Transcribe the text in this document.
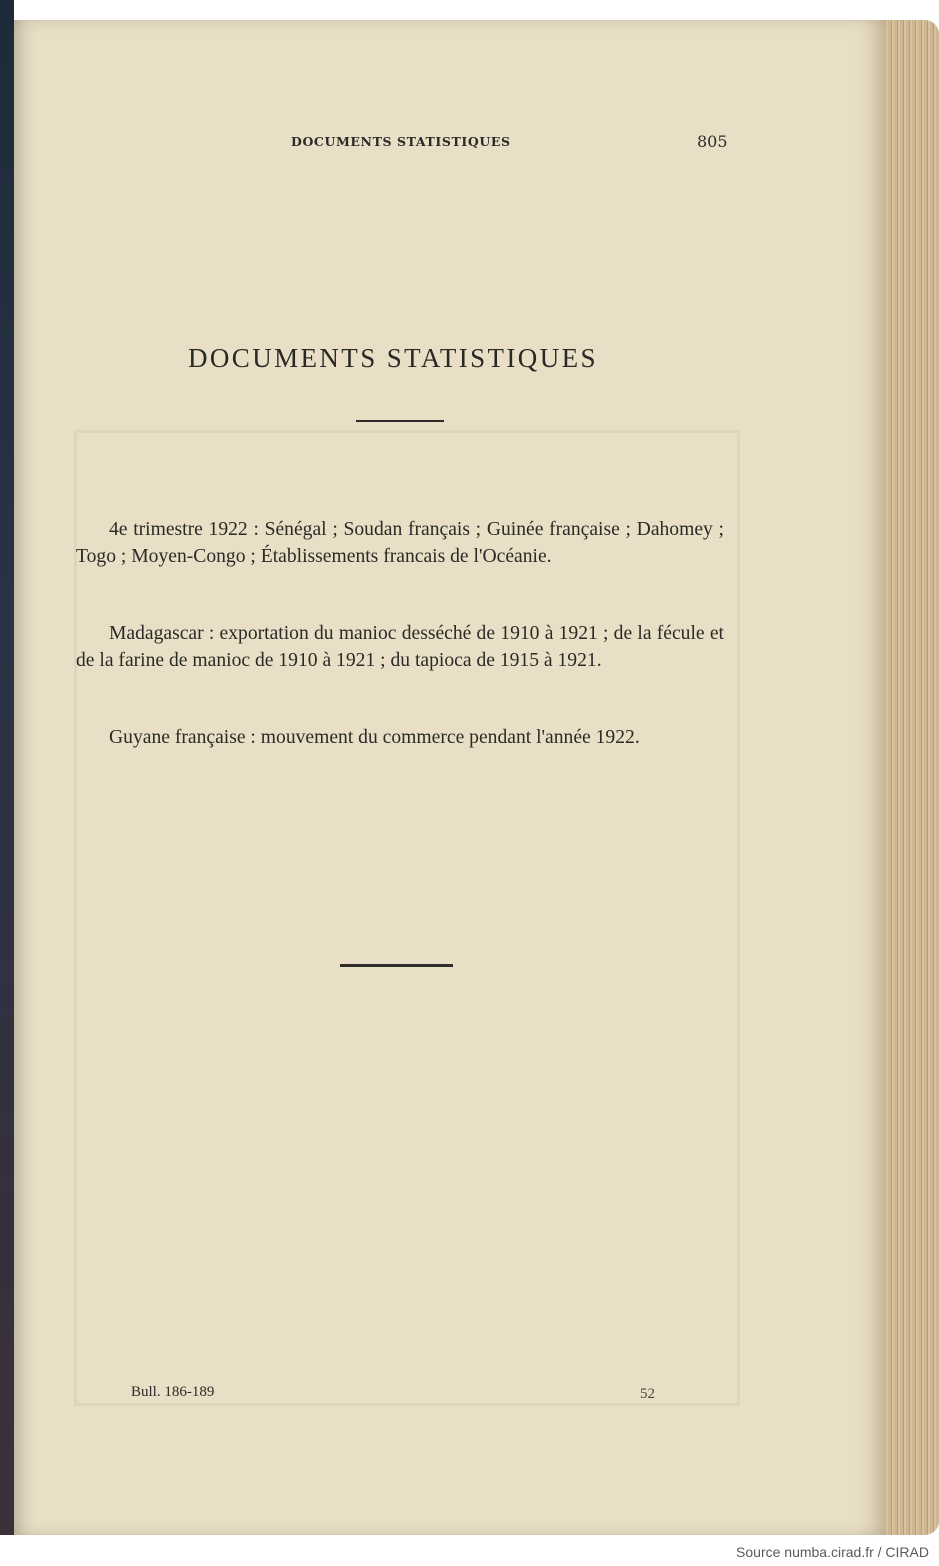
DOCUMENTS STATISTIQUES	805
DOCUMENTS STATISTIQUES

4e trimestre 1922 : Sénégal ; Soudan français ; Guinée française ; Dahomey ; Togo ; Moyen-Congo ; Établissements francais de l'Océanie.

Madagascar : exportation du manioc desséché de 1910 à 1921 ; de la fécule et de la farine de manioc de 1910 à 1921 ; du tapioca de 1915 à 1921.

Guyane française : mouvement du commerce pendant l'année 1922.

Bull. 186-189	52
Source numba.cirad.fr / CIRAD
